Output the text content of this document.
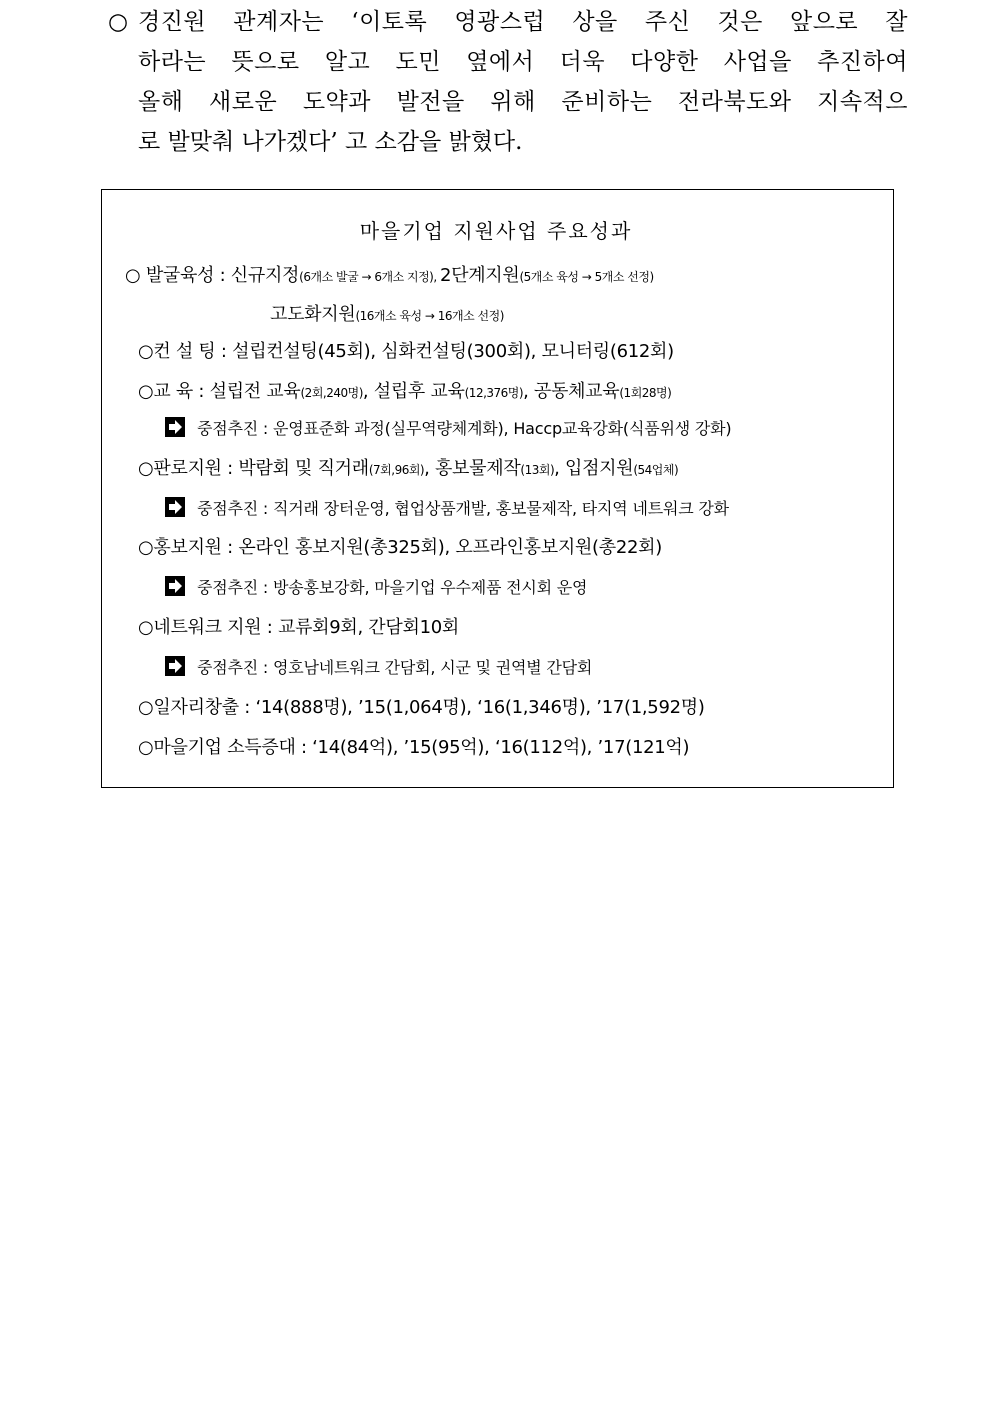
○ 경진원 관계자는 ‘이토록 영광스럽 상을 주신 것은 앞으로 잘
하라는 뜻으로 알고 도민 옆에서 더욱 다양한 사업을 추진하여
올해 새로운 도약과 발전을 위해 준비하는 전라북도와 지속적으
로 발맞춰 나가겠다’ 고 소감을 밝혔다.
마을기업 지원사업 주요성과
○ 발굴육성 : 신규지정(6개소 발굴 → 6개소 지정), 2단계지원(5개소 육성 → 5개소 선정)
고도화지원(16개소 육성 → 16개소 선정)
○컨 설 팅 : 설립컨설팅(45회), 심화컨설팅(300회), 모니터링(612회)
○교 육 : 설립전 교육(2회,240명), 설립후 교육(12,376명), 공동체교육(1회28명)
중점추진 : 운영표준화 과정(실무역량체계화), Haccp교육강화(식품위생 강화)
○판로지원 : 박람회 및 직거래(7회,96회), 홍보물제작(13회), 입점지원(54업체)
중점추진 : 직거래 장터운영, 협업상품개발, 홍보물제작, 타지역 네트워크 강화
○홍보지원 : 온라인 홍보지원(총325회), 오프라인홍보지원(총22회)
중점추진 : 방송홍보강화, 마을기업 우수제품 전시회 운영
○네트워크 지원 : 교류회9회, 간담회10회
중점추진 : 영호남네트워크 간담회, 시군 및 권역별 간담회
○일자리창출 : ‘14(888명), ’15(1,064명), ‘16(1,346명), ’17(1,592명)
○마을기업 소득증대 : ‘14(84억), ’15(95억), ‘16(112억), ’17(121억)
